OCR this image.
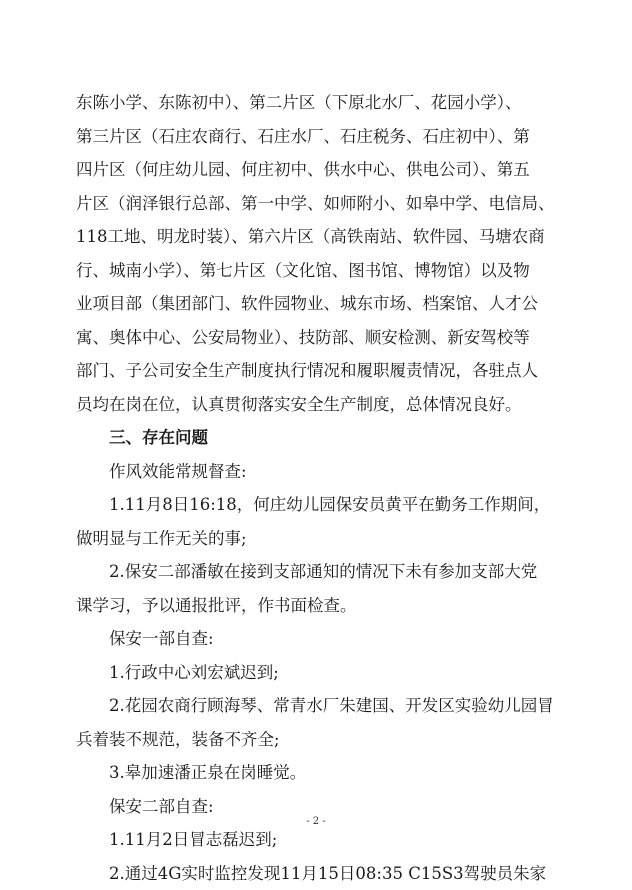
东陈小学、东陈初中）、第二片区（下原北水厂、花园小学）、
第三片区（石庄农商行、石庄水厂、石庄税务、石庄初中）、第
四片区（何庄幼儿园、何庄初中、供水中心、供电公司）、第五
片区（润泽银行总部、第一中学、如师附小、如皋中学、电信局、
118工地、明龙时装）、第六片区（高铁南站、软件园、马塘农商
行、城南小学）、第七片区（文化馆、图书馆、博物馆）以及物
业项目部（集团部门、软件园物业、城东市场、档案馆、人才公
寓、奥体中心、公安局物业）、技防部、顺安检测、新安驾校等
部门、子公司安全生产制度执行情况和履职履责情况，各驻点人
员均在岗在位，认真贯彻落实安全生产制度，总体情况良好。
三、存在问题
作风效能常规督查:
1.11月8日16:18，何庄幼儿园保安员黄平在勤务工作期间，
做明显与工作无关的事;
2.保安二部潘敏在接到支部通知的情况下未有参加支部大党
课学习，予以通报批评，作书面检查。
保安一部自查:
1.行政中心刘宏斌迟到;
2.花园农商行顾海琴、常青水厂朱建国、开发区实验幼儿园冒
兵着装不规范，装备不齐全;
3.皋加速潘正泉在岗睡觉。
保安二部自查:
1.11月2日冒志磊迟到;
2.通过4G实时监控发现11月15日08:35 C15S3驾驶员朱家
- 2 -
